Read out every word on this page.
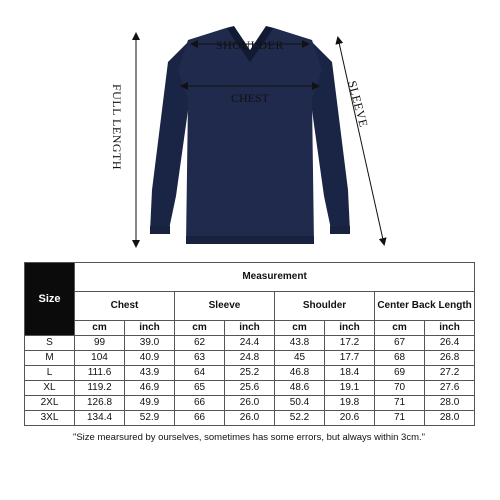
SHOULDER
CHEST
FULL LENGTH	SLEEVE
Size	Measurement							
	Chest		Sleeve		Shoulder		Center Back Length	
	cm	inch	cm	inch	cm	inch	cm	inch
S	99	39.0	62	24.4	43.8	17.2	67	26.4
M	104	40.9	63	24.8	45	17.7	68	26.8
L	111.6	43.9	64	25.2	46.8	18.4	69	27.2
XL	119.2	46.9	65	25.6	48.6	19.1	70	27.6
2XL	126.8	49.9	66	26.0	50.4	19.8	71	28.0
3XL	134.4	52.9	66	26.0	52.2	20.6	71	28.0
"Size mearsured by ourselves, sometimes has some errors, but always within 3cm."
